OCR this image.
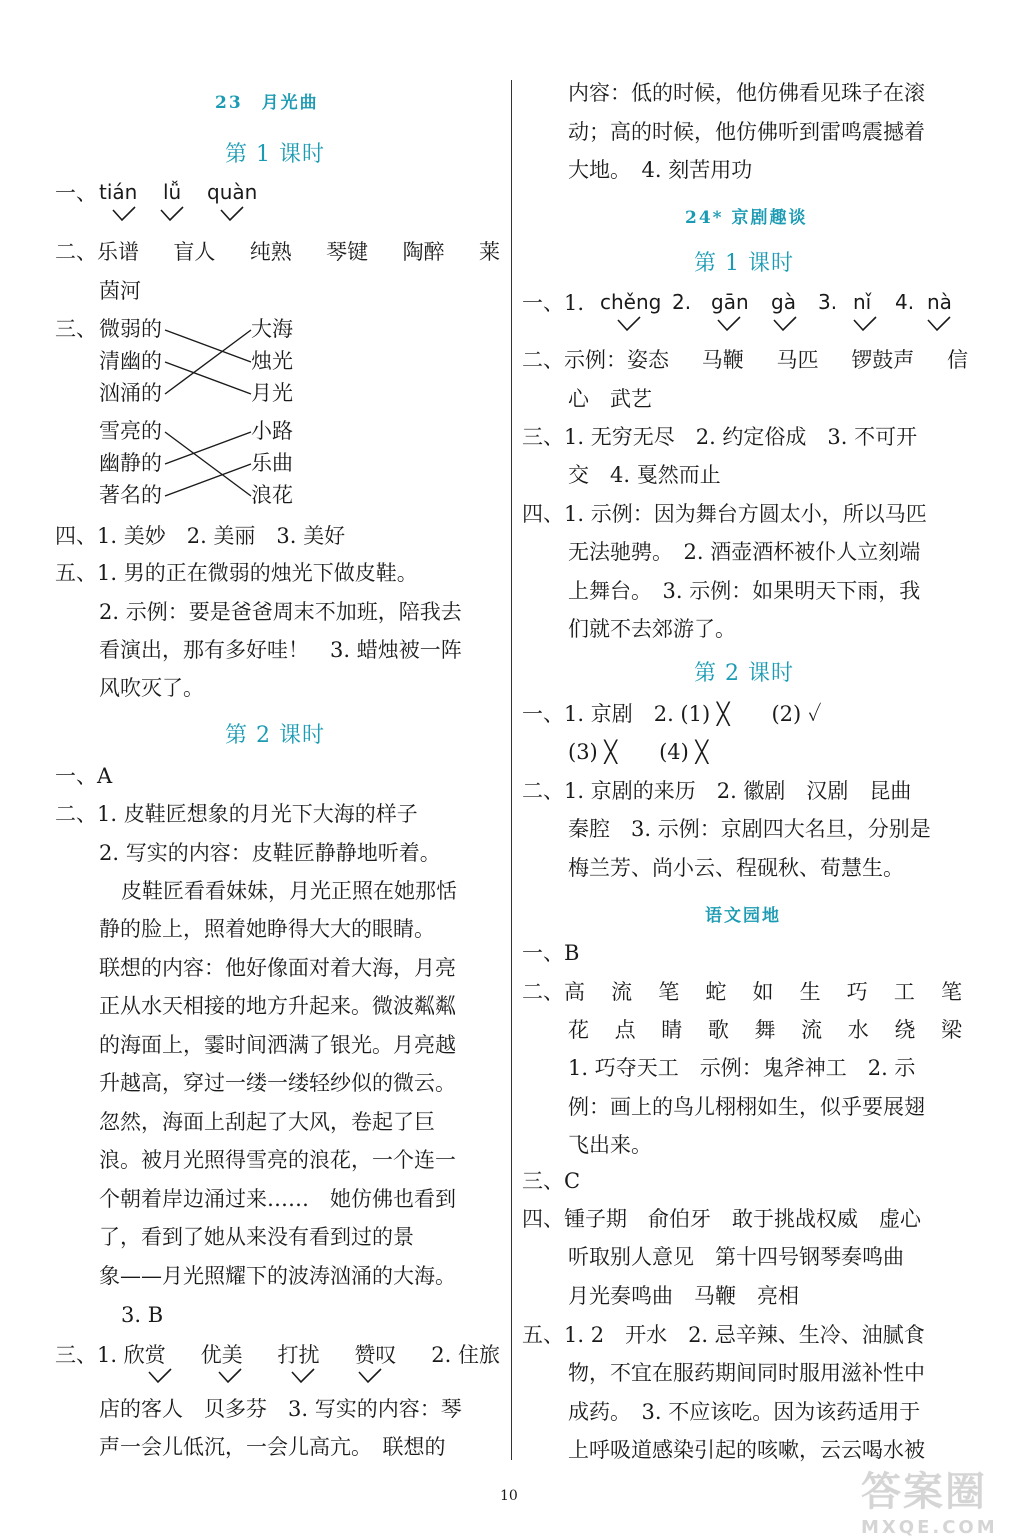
23　月光曲
第 1 课时
一、 tián lǚ quàn
二、乐谱 盲人 纯熟 琴键 陶醉 莱
茵河
三、 微弱的
清幽的
汹涌的
大海
烛光
月光
雪亮的
幽静的
著名的
小路
乐曲
浪花
四、1. 美妙　2. 美丽　3. 美好
五、1. 男的正在微弱的烛光下做皮鞋。
2. 示例：要是爸爸周末不加班，陪我去
看演出，那有多好哇！　3. 蜡烛被一阵
风吹灭了。
第 2 课时
一、A
二、1. 皮鞋匠想象的月光下大海的样子
2. 写实的内容：皮鞋匠静静地听着。
皮鞋匠看看妹妹，月光正照在她那恬
静的脸上，照着她睁得大大的眼睛。
联想的内容：他好像面对着大海，月亮
正从水天相接的地方升起来。微波粼粼
的海面上，霎时间洒满了银光。月亮越
升越高，穿过一缕一缕轻纱似的微云。
忽然，海面上刮起了大风，卷起了巨
浪。被月光照得雪亮的浪花，一个连一
个朝着岸边涌过来……　她仿佛也看到
了，看到了她从来没有看到过的景
象——月光照耀下的波涛汹涌的大海。
3. B
三、1. 欣赏 优美 打扰 赞叹 2. 住旅
店的客人　贝多芬　3. 写实的内容：琴
声一会儿低沉，一会儿高亢。　联想的
内容：低的时候，他仿佛看见珠子在滚
动；高的时候，他仿佛听到雷鸣震撼着
大地。　4. 刻苦用功
24* 京剧趣谈
第 1 课时
一、1. chěng 2. gān gà 3. nǐ 4. nà
二、示例：姿态 马鞭 马匹 锣鼓声 信
心　武艺
三、1. 无穷无尽　2. 约定俗成　3. 不可开
交　4. 戛然而止
四、1. 示例：因为舞台方圆太小，所以马匹
无法驰骋。　2. 酒壶酒杯被仆人立刻端
上舞台。　3. 示例：如果明天下雨，我
们就不去郊游了。
第 2 课时
一、1. 京剧　2. (1) ╳　　(2) ✓
(3) ╳　　(4) ╳
二、1. 京剧的来历　2. 徽剧　汉剧　昆曲
秦腔　3. 示例：京剧四大名旦，分别是
梅兰芳、尚小云、程砚秋、荀慧生。
语文园地
一、B
二、高 流 笔 蛇 如 生 巧 工 笔
花 点 睛 歌 舞 流 水 绕 梁
1. 巧夺天工　示例：鬼斧神工　2. 示
例：画上的鸟儿栩栩如生，似乎要展翅
飞出来。
三、C
四、锺子期　俞伯牙　敢于挑战权威　虚心
听取别人意见　第十四号钢琴奏鸣曲
月光奏鸣曲　马鞭　亮相
五、1. 2　开水　2. 忌辛辣、生冷、油腻食
物，不宜在服药期间同时服用滋补性中
成药。　3. 不应该吃。因为该药适用于
上呼吸道感染引起的咳嗽，云云喝水被
10	答案圈
MXQE.COM
